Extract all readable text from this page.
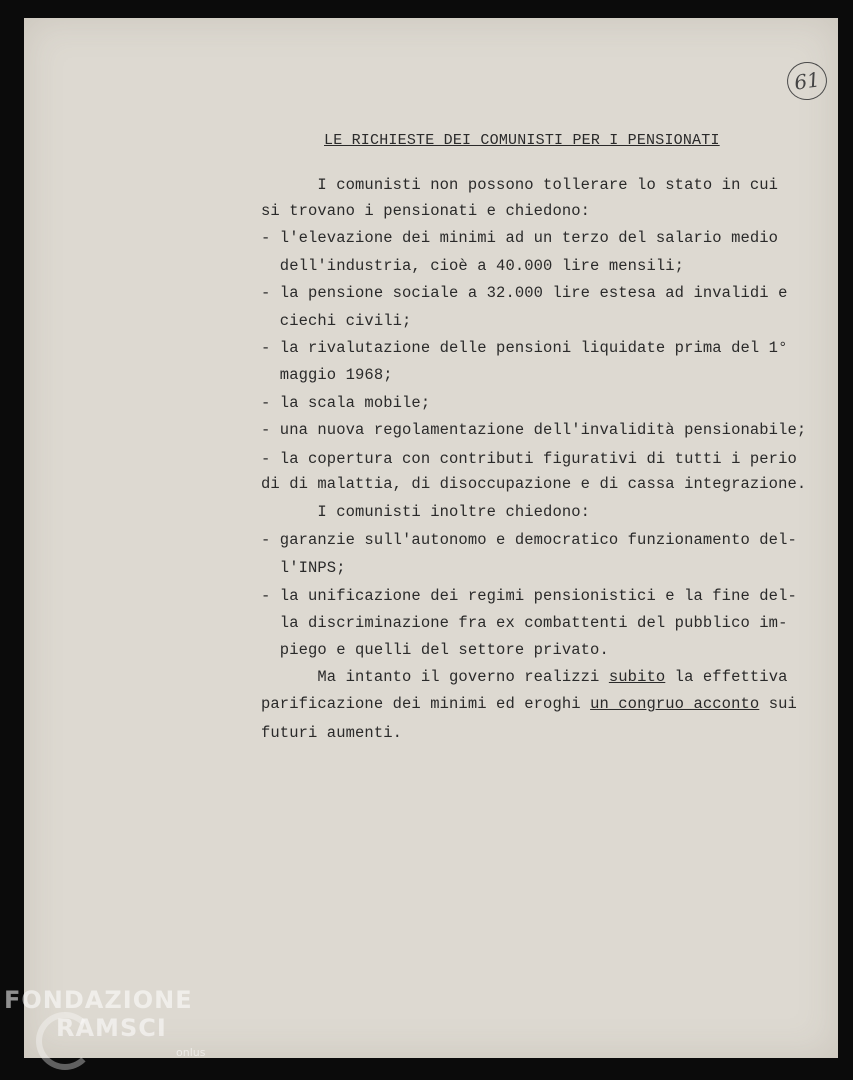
61
LE RICHIESTE DEI COMUNISTI PER I PENSIONATI
I comunisti non possono tollerare lo stato in cui
si trovano i pensionati e chiedono:
- l'elevazione dei minimi ad un terzo del salario medio
dell'industria, cioè a 40.000 lire mensili;
- la pensione sociale a 32.000 lire estesa ad invalidi e
ciechi civili;
- la rivalutazione delle pensioni liquidate prima del 1°
maggio 1968;
- la scala mobile;
- una nuova regolamentazione dell'invalidità pensionabile;
- la copertura con contributi figurativi di tutti i perio
di di malattia, di disoccupazione e di cassa integrazione.
I comunisti inoltre chiedono:
- garanzie sull'autonomo e democratico funzionamento del-
l'INPS;
- la unificazione dei regimi pensionistici e la fine del-
la discriminazione fra ex combattenti del pubblico im-
piego e quelli del settore privato.
futuri aumenti.
Ma intanto il governo realizzi subito la effettiva
parificazione dei minimi ed eroghi un congruo acconto sui
FONDAZIONE
RAMSCI
onlus
